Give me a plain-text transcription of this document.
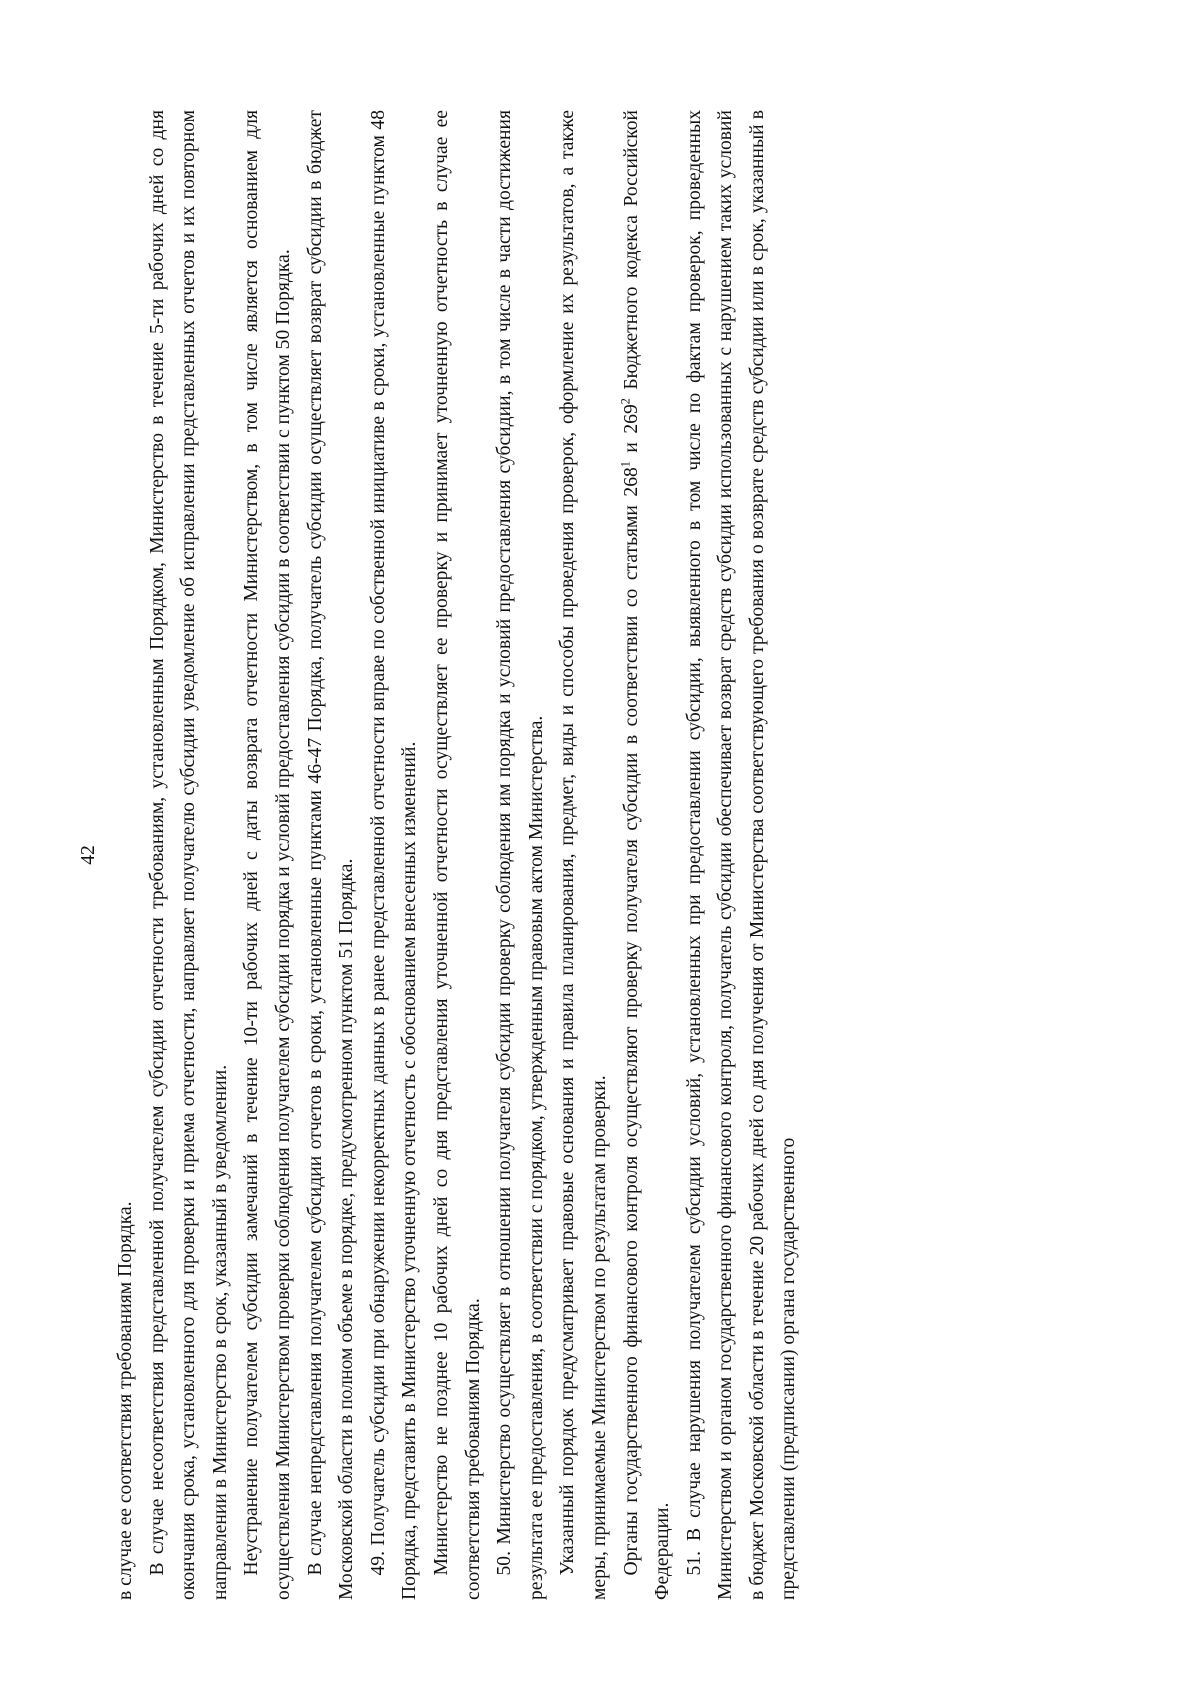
42

в случае ее соответствия требованиям Порядка. В случае несоответствия представленной получателем субсидии отчетности требованиям, установленным Порядком, Министерство в течение 5-ти рабочих дней со дня окончания срока, установленного для проверки и приема отчетности, направляет получателю субсидии уведомление об исправлении представленных отчетов и их повторном направлении в Министерство в срок, указанный в уведомлении. Неустранение получателем субсидии замечаний в течение 10-ти рабочих дней с даты возврата отчетности Министерством, в том числе является основанием для осуществления Министерством проверки соблюдения получателем субсидии порядка и условий предоставления субсидии в соответствии с пунктом 50 Порядка. В случае непредставления получателем субсидии отчетов в сроки, установленные пунктами 46-47 Порядка, получатель субсидии осуществляет возврат субсидии в бюджет Московской области в полном объеме в порядке, предусмотренном пунктом 51 Порядка. 49. Получатель субсидии при обнаружении некорректных данных в ранее представленной отчетности вправе по собственной инициативе в сроки, установленные пунктом 48 Порядка, представить в Министерство уточненную отчетность с обоснованием внесенных изменений. Министерство не позднее 10 рабочих дней со дня представления уточненной отчетности осуществляет ее проверку и принимает уточненную отчетность в случае ее соответствия требованиям Порядка. 50. Министерство осуществляет в отношении получателя субсидии проверку соблюдения им порядка и условий предоставления субсидии, в том числе в части достижения результата ее предоставления, в соответствии с порядком, утвержденным правовым актом Министерства. Указанный порядок предусматривает правовые основания и правила планирования, предмет, виды и способы проведения проверок, оформление их результатов, а также меры, принимаемые Министерством по результатам проверки. Органы государственного финансового контроля осуществляют проверку получателя субсидии в соответствии со статьями $268^1$ и $269^2$ Бюджетного кодекса Российской Федерации. 51. В случае нарушения получателем субсидии условий, установленных при предоставлении субсидии, выявленного в том числе по фактам проверок, проведенных Министерством и органом государственного финансового контроля, получатель субсидии обеспечивает возврат средств субсидии использованных с нарушением таких условий в бюджет Московской области в течение 20 рабочих дней со дня получения от Министерства соответствующего требования о возврате средств субсидии или в срок, указанный в представлении (предписании) органа государственного
